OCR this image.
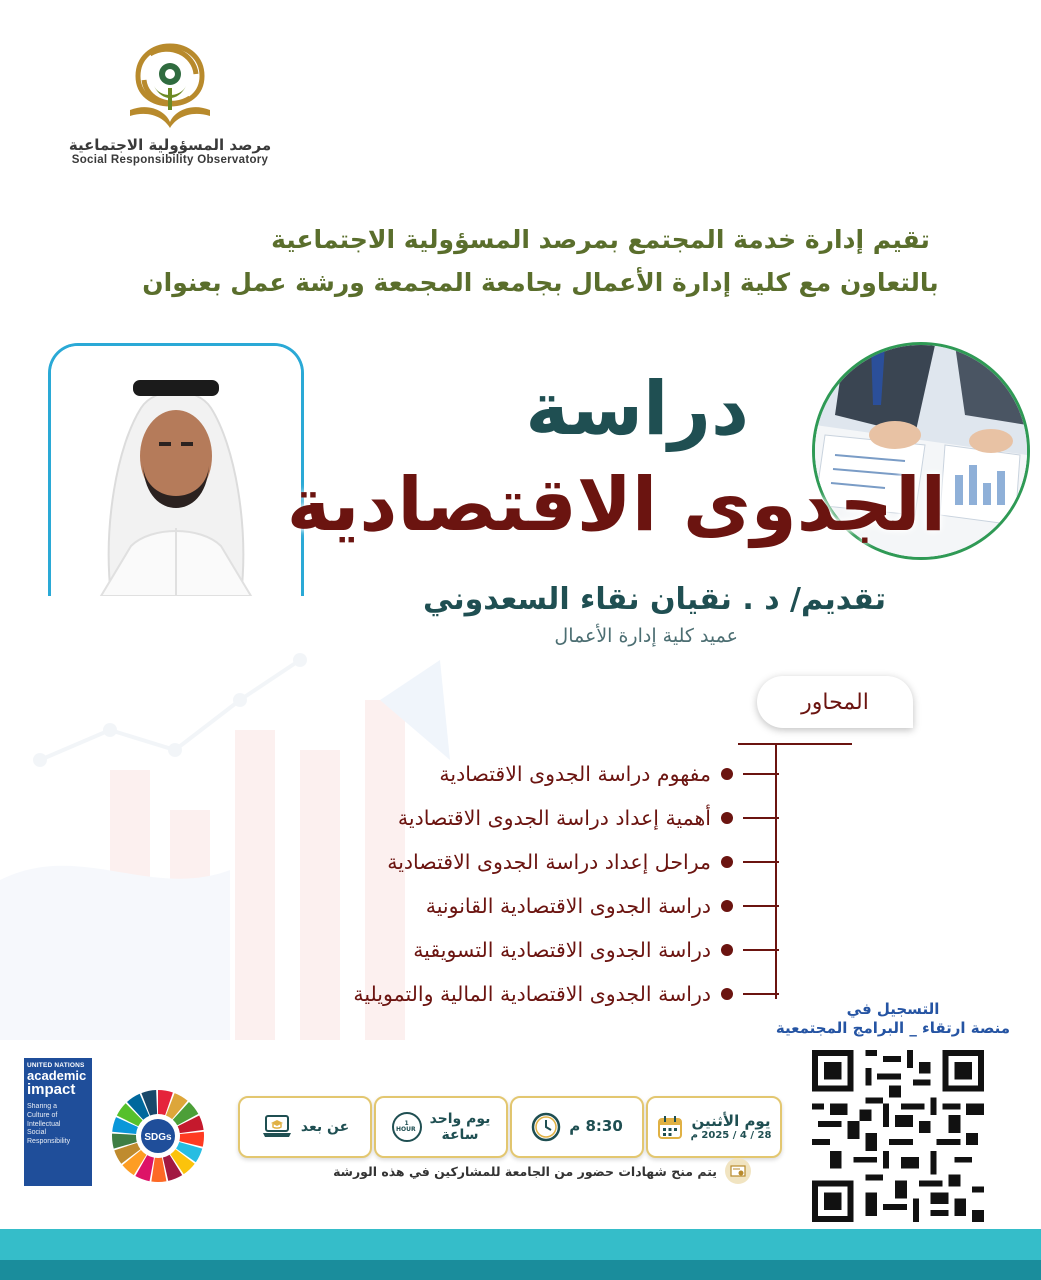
مرصد المسؤولية الاجتماعية
Social Responsibility Observatory
تقيم إدارة خدمة المجتمع بمرصد المسؤولية الاجتماعية
بالتعاون مع كلية إدارة الأعمال بجامعة المجمعة ورشة عمل بعنوان
دراسة
الجدوى الاقتصادية
تقديم/ د . نقيان نقاء السعدوني
عميد كلية إدارة الأعمال
المحاور
مفهوم دراسة الجدوى الاقتصادية
أهمية إعداد دراسة الجدوى الاقتصادية
مراحل إعداد دراسة الجدوى الاقتصادية
دراسة الجدوى الاقتصادية القانونية
دراسة الجدوى الاقتصادية التسويقية
دراسة الجدوى الاقتصادية المالية والتمويلية
التسجيل في
منصة ارتقاء _ البرامج المجتمعية
يوم الأثنين
28 / 4 / 2025 م
8:30 م
يوم واحد
ساعة
1 HOUR
عن بعد
يتم منح شهادات حضور من الجامعة للمشاركين في هذه الورشة
UNITED NATIONS
academic
impact
Sharing a Culture of Intellectual Social Responsibility	SDGs
